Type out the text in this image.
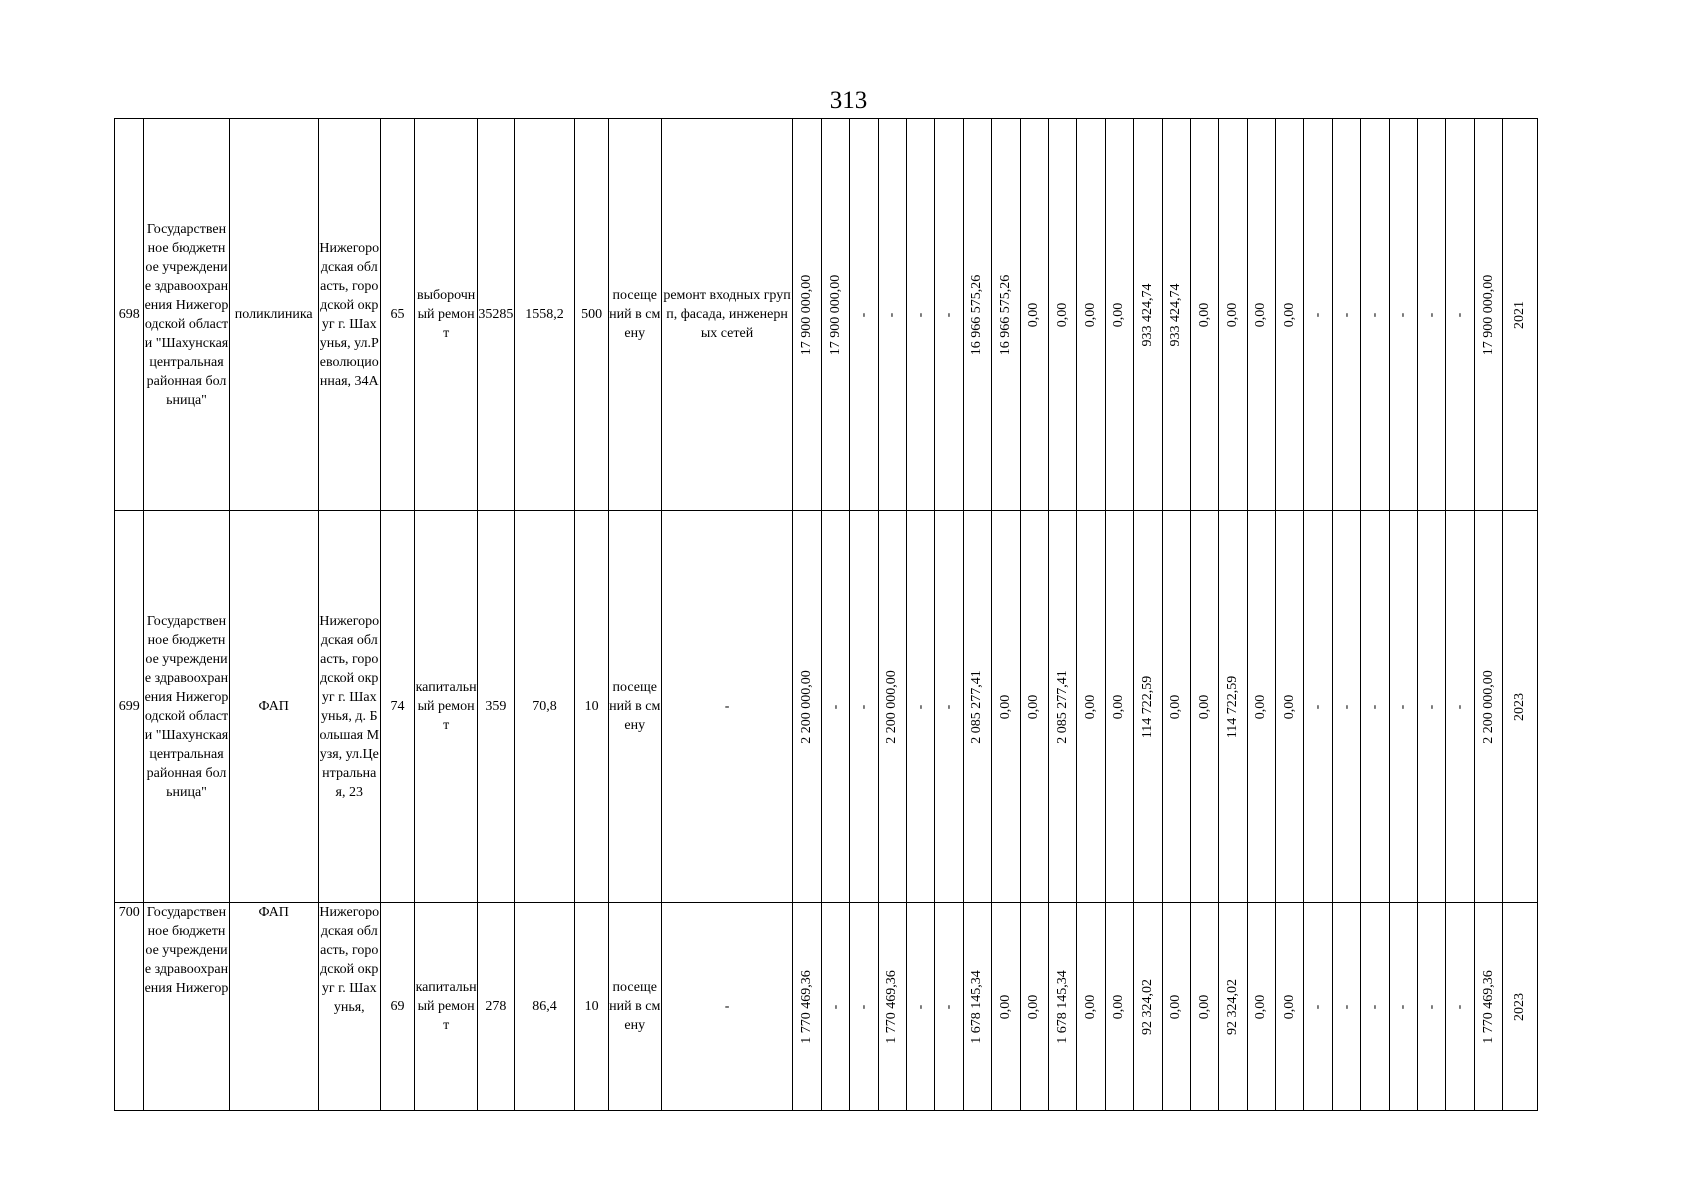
313
698	Государственное бюджетное учреждение здравоохранения Нижегородской области "Шахунская центральная районная больница"	поликлиника	Нижегородская область, городской округ г. Шахунья, ул.Революционная, 34А	65	выборочный ремонт	35285	1558,2	500	посещений в смену	ремонт входных групп, фасада, инженерных сетей	17 900 000,00	17 900 000,00	-	-	-	-	16 966 575,26	16 966 575,26	0,00	0,00	0,00	0,00	933 424,74	933 424,74	0,00	0,00	0,00	0,00	-	-	-	-	-	-	17 900 000,00	2021

699	Государственное бюджетное учреждение здравоохранения Нижегородской области "Шахунская центральная районная больница"	ФАП	Нижегородская область, городской округ г. Шахунья, д. Большая Музя, ул.Центральная, 23	74	капитальный ремонт	359	70,8	10	посещений в смену	-	2 200 000,00	-	-	2 200 000,00	-	-	2 085 277,41	0,00	0,00	2 085 277,41	0,00	0,00	114 722,59	0,00	0,00	114 722,59	0,00	0,00	-	-	-	-	-	-	2 200 000,00	2023

700	Государственное бюджетное учреждение здравоохранения Нижегор	ФАП	Нижегородская область, городской округ г. Шахунья,	69	капитальный ремонт	278	86,4	10	посещений в смену	-	1 770 469,36	-	-	1 770 469,36	-	-	1 678 145,34	0,00	0,00	1 678 145,34	0,00	0,00	92 324,02	0,00	0,00	92 324,02	0,00	0,00	-	-	-	-	-	-	1 770 469,36	2023
